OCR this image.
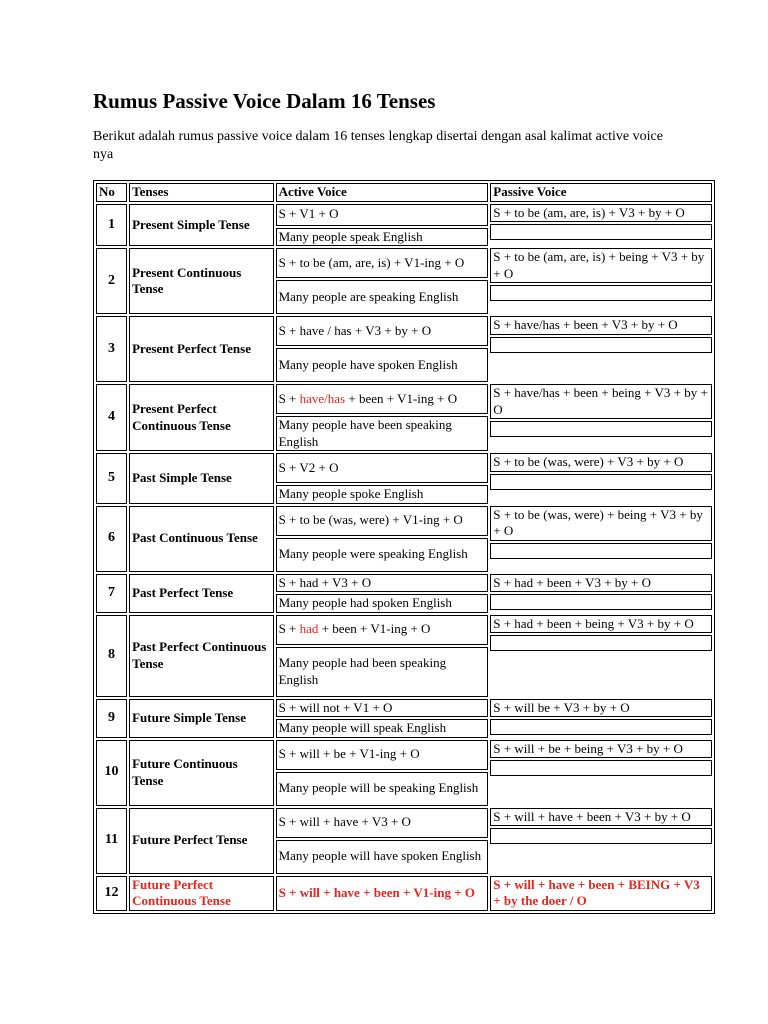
Rumus Passive Voice Dalam 16 Tenses

Berikut adalah rumus passive voice dalam 16 tenses lengkap disertai dengan asal kalimat active voice nya

No	Tenses	Active Voice	Passive Voice
1	Present Simple Tense	S + V1 + O	S + to be (am, are, is) + V3 + by + O

		Many people speak English	
2	Present Continuous Tense	S + to be (am, are, is) + V1-ing + O	S + to be (am, are, is) + being + V3 + by + O

		Many people are speaking English	
3	Present Perfect Tense	S + have / has + V3 + by + O	S + have/has + been + V3 + by + O

		Many people have spoken English	
4	Present Perfect Continuous Tense	S + have/has + been + V1-ing + O	S + have/has + been + being + V3 + by + O

		Many people have been speaking English	
5	Past Simple Tense	S + V2 + O	S + to be (was, were) + V3 + by + O

		Many people spoke English	
6	Past Continuous Tense	S + to be (was, were) + V1-ing + O	S + to be (was, were) + being + V3 + by + O

		Many people were speaking English	
7	Past Perfect Tense	S + had + V3 + O	S + had + been + V3 + by + O

		Many people had spoken English	
8	Past Perfect Continuous Tense	S + had + been + V1-ing + O	S + had + been + being + V3 + by + O

		Many people had been speaking English	
9	Future Simple Tense	S + will not + V1 + O	S + will be + V3 + by + O

		Many people will speak English	
10	Future Continuous Tense	S + will + be + V1-ing + O	S + will + be + being + V3 + by + O

		Many people will be speaking English	
11	Future Perfect Tense	S + will + have + V3 + O	S + will + have + been + V3 + by + O

		Many people will have spoken English	
12	Future Perfect Continuous Tense	S + will + have + been + V1-ing + O	S + will + have + been + BEING + V3 + by the doer / O
